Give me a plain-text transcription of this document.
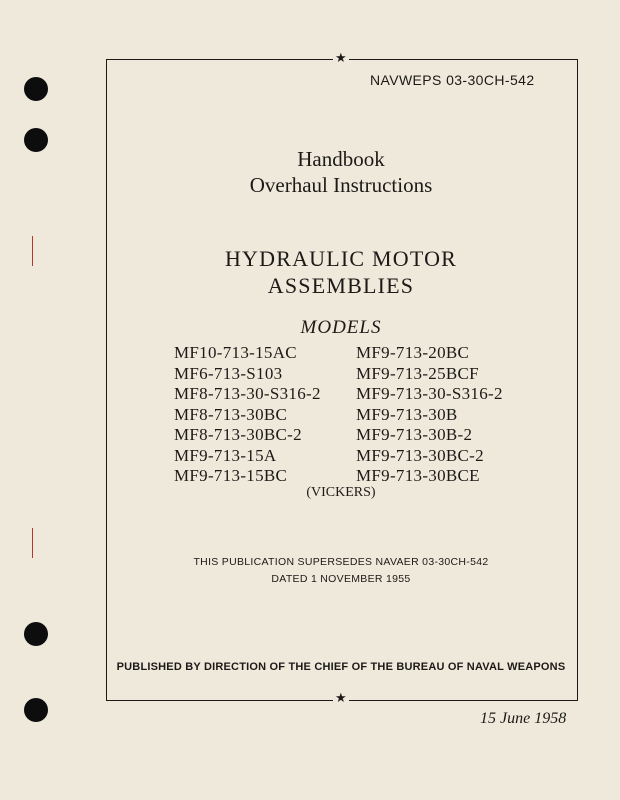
★
★
NAVWEPS 03-30CH-542
Handbook
Overhaul Instructions
HYDRAULIC MOTOR
ASSEMBLIES
MODELS
MF10-713-15AC
MF6-713-S103
MF8-713-30-S316-2
MF8-713-30BC
MF8-713-30BC-2
MF9-713-15A
MF9-713-15BC
MF9-713-20BC
MF9-713-25BCF
MF9-713-30-S316-2
MF9-713-30B
MF9-713-30B-2
MF9-713-30BC-2
MF9-713-30BCE
(VICKERS)
THIS PUBLICATION SUPERSEDES NAVAER 03-30CH-542
DATED 1 NOVEMBER 1955
PUBLISHED BY DIRECTION OF THE CHIEF OF THE BUREAU OF NAVAL WEAPONS
15 June 1958
